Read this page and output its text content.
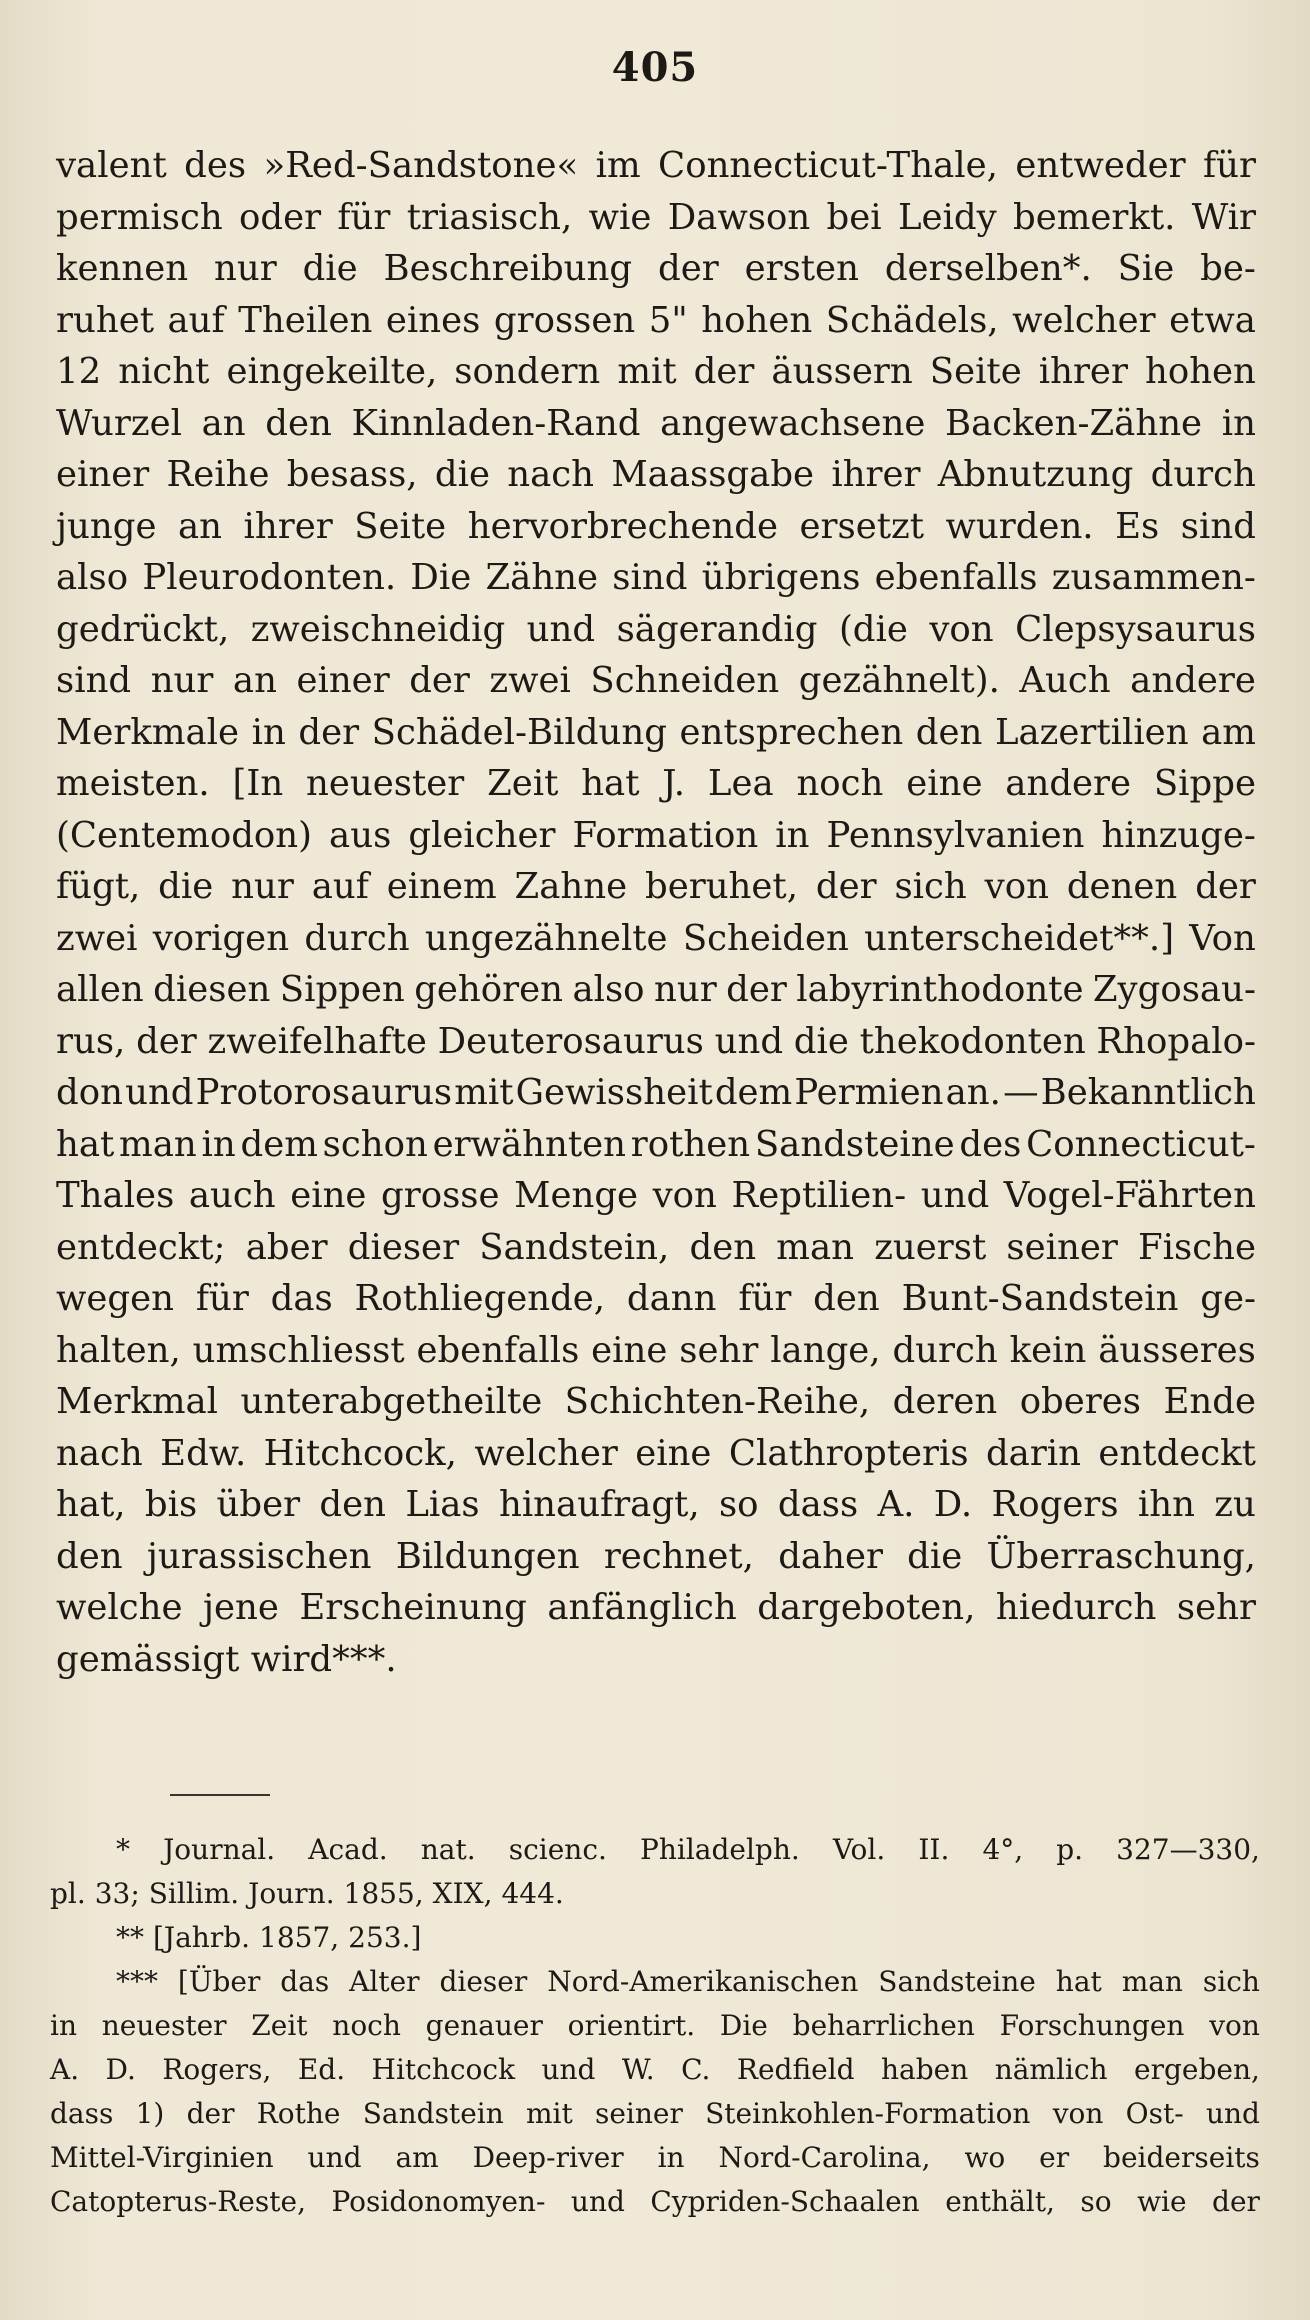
405
valent des »Red-Sandstone« im Connecticut-Thale, entweder für
permisch oder für triasisch, wie Dawson bei Leidy bemerkt. Wir
kennen nur die Beschreibung der ersten derselben*. Sie be-
ruhet auf Theilen eines grossen 5" hohen Schädels, welcher etwa
12 nicht eingekeilte, sondern mit der äussern Seite ihrer hohen
Wurzel an den Kinnladen-Rand angewachsene Backen-Zähne in
einer Reihe besass, die nach Maassgabe ihrer Abnutzung durch
junge an ihrer Seite hervorbrechende ersetzt wurden. Es sind
also Pleurodonten. Die Zähne sind übrigens ebenfalls zusammen-
gedrückt, zweischneidig und sägerandig (die von Clepsysaurus
sind nur an einer der zwei Schneiden gezähnelt). Auch andere
Merkmale in der Schädel-Bildung entsprechen den Lazertilien am
meisten. [In neuester Zeit hat J. Lea noch eine andere Sippe
(Centemodon) aus gleicher Formation in Pennsylvanien hinzuge-
fügt, die nur auf einem Zahne beruhet, der sich von denen der
zwei vorigen durch ungezähnelte Scheiden unterscheidet**.] Von
allen diesen Sippen gehören also nur der labyrinthodonte Zygosau-
rus, der zweifelhafte Deuterosaurus und die thekodonten Rhopalo-
don und Protorosaurus mit Gewissheit dem Permien an. — Bekanntlich
hat man in dem schon erwähnten rothen Sandsteine des Connecticut-
Thales auch eine grosse Menge von Reptilien- und Vogel-Fährten
entdeckt; aber dieser Sandstein, den man zuerst seiner Fische
wegen für das Rothliegende, dann für den Bunt-Sandstein ge-
halten, umschliesst ebenfalls eine sehr lange, durch kein äusseres
Merkmal unterabgetheilte Schichten-Reihe, deren oberes Ende
nach Edw. Hitchcock, welcher eine Clathropteris darin entdeckt
hat, bis über den Lias hinaufragt, so dass A. D. Rogers ihn zu
den jurassischen Bildungen rechnet, daher die Überraschung,
welche jene Erscheinung anfänglich dargeboten, hiedurch sehr
gemässigt wird***.
* Journal. Acad. nat. scienc. Philadelph. Vol. II. 4°, p. 327—330,
pl. 33; Sillim. Journ. 1855, XIX, 444.
** [Jahrb. 1857, 253.]
*** [Über das Alter dieser Nord-Amerikanischen Sandsteine hat man sich
in neuester Zeit noch genauer orientirt. Die beharrlichen Forschungen von
A. D. Rogers, Ed. Hitchcock und W. C. Redfield haben nämlich ergeben,
dass 1) der Rothe Sandstein mit seiner Steinkohlen-Formation von Ost- und
Mittel-Virginien und am Deep-river in Nord-Carolina, wo er beiderseits
Catopterus-Reste, Posidonomyen- und Cypriden-Schaalen enthält, so wie der
